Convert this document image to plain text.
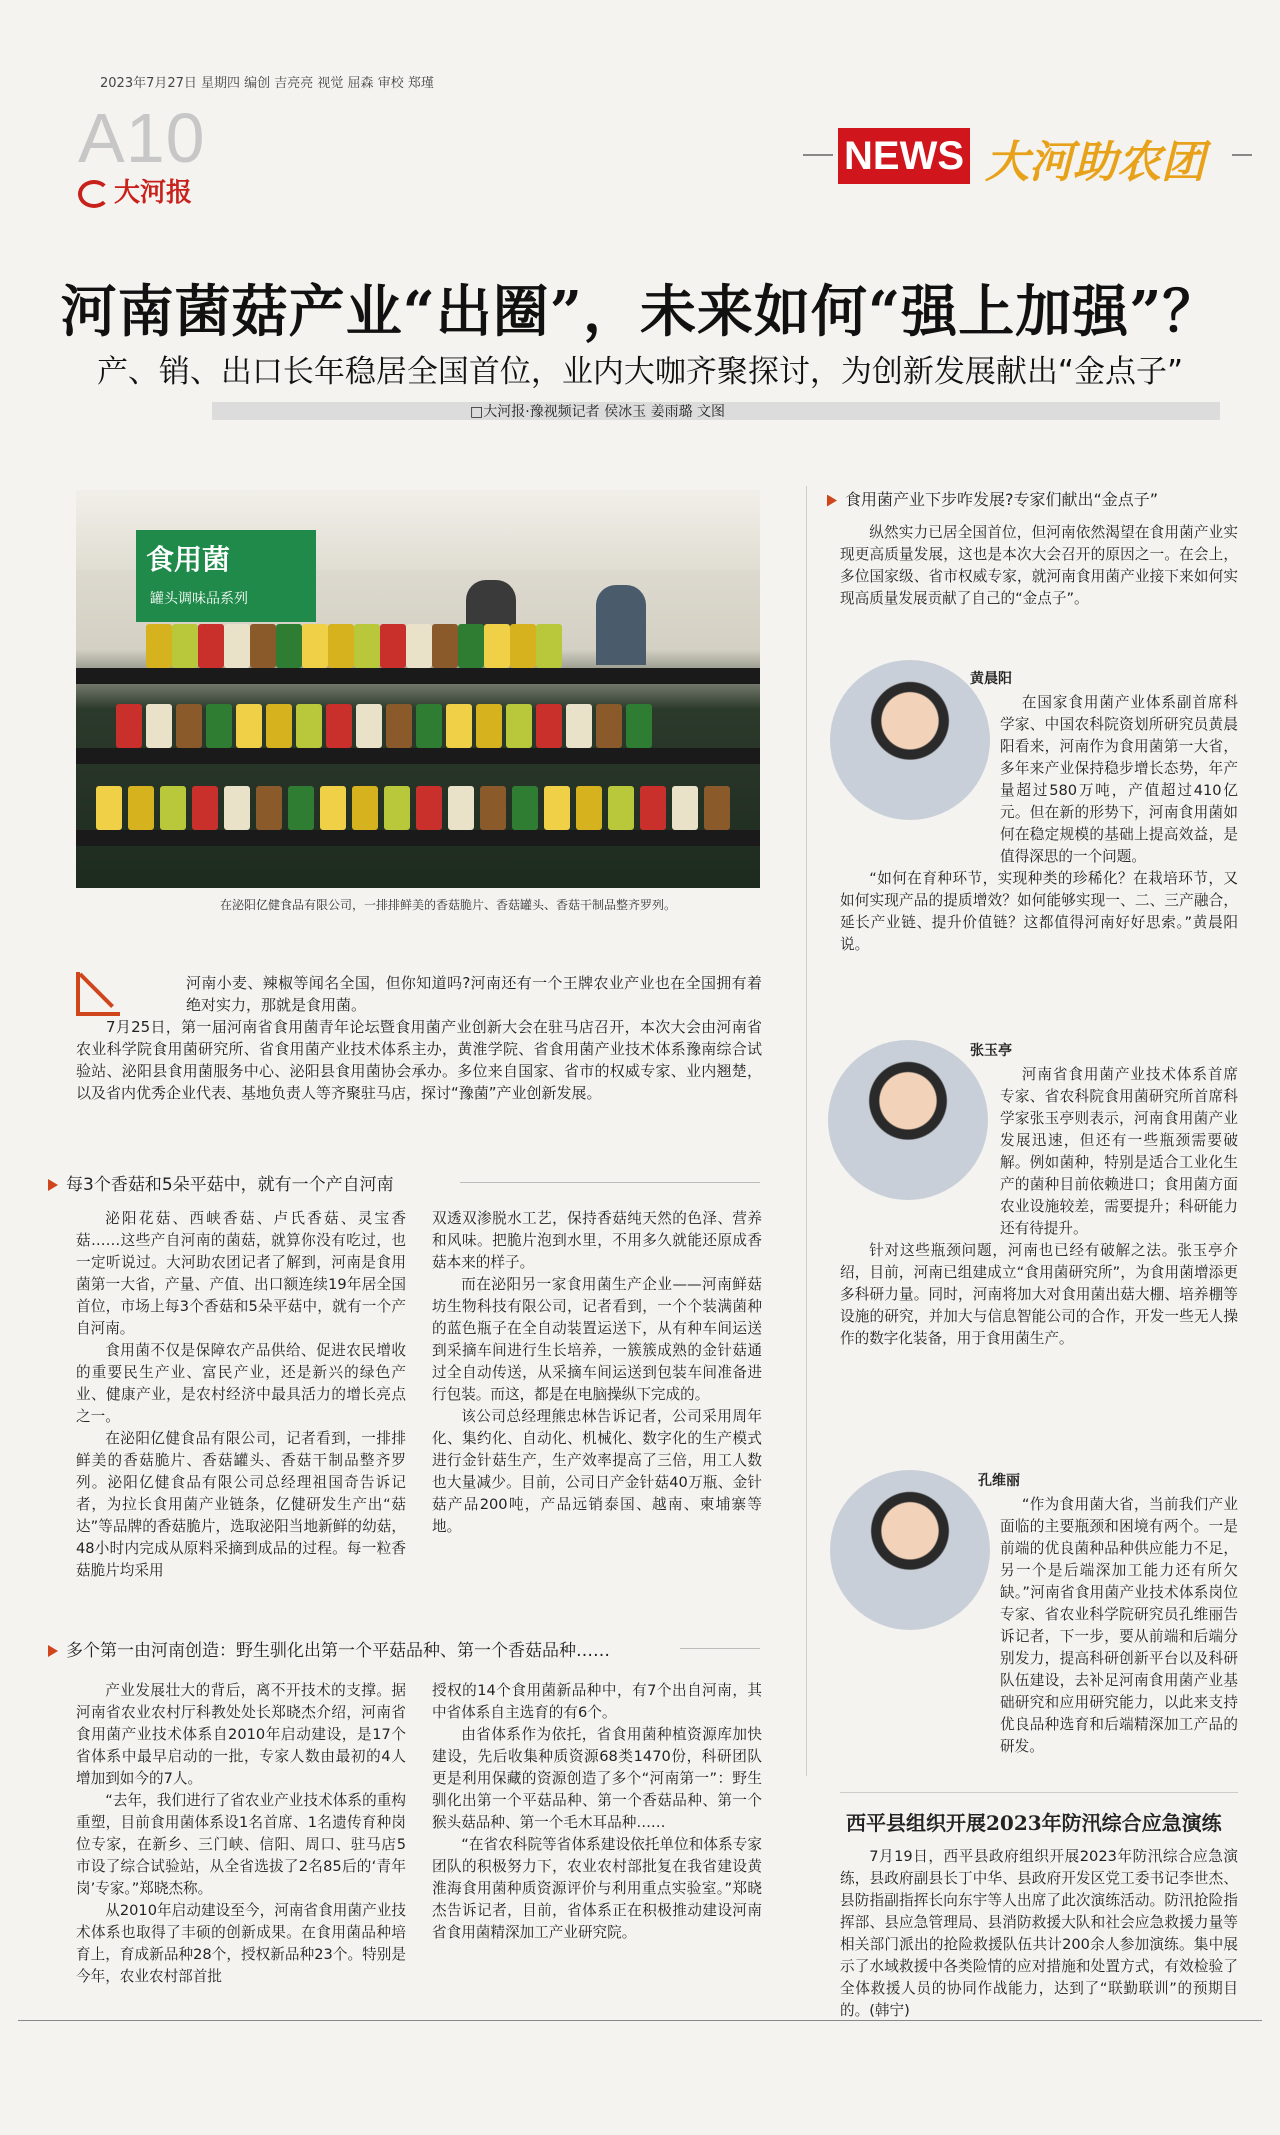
2023年7月27日 星期四 编创 吉亮亮 视觉 屈森 审校 郑瑾
A10
大河报
NEWS 大河助农团
河南菌菇产业“出圈”，未来如何“强上加强”？
产、销、出口长年稳居全国首位，业内大咖齐聚探讨，为创新发展献出“金点子”
□大河报·豫视频记者 侯冰玉 姜雨璐 文图
食用菌
罐头调味品系列
在泌阳亿健食品有限公司，一排排鲜美的香菇脆片、香菇罐头、香菇干制品整齐罗列。

河南小麦、辣椒等闻名全国，但你知道吗?河南还有一个王牌农业产业也在全国拥有着绝对实力，那就是食用菌。

7月25日，第一届河南省食用菌青年论坛暨食用菌产业创新大会在驻马店召开，本次大会由河南省农业科学院食用菌研究所、省食用菌产业技术体系主办，黄淮学院、省食用菌产业技术体系豫南综合试验站、泌阳县食用菌服务中心、泌阳县食用菌协会承办。多位来自国家、省市的权威专家、业内翘楚，以及省内优秀企业代表、基地负责人等齐聚驻马店，探讨“豫菌”产业创新发展。

每3个香菇和5朵平菇中，就有一个产自河南

泌阳花菇、西峡香菇、卢氏香菇、灵宝香菇……这些产自河南的菌菇，就算你没有吃过，也一定听说过。大河助农团记者了解到，河南是食用菌第一大省，产量、产值、出口额连续19年居全国首位，市场上每3个香菇和5朵平菇中，就有一个产自河南。

食用菌不仅是保障农产品供给、促进农民增收的重要民生产业、富民产业，还是新兴的绿色产业、健康产业，是农村经济中最具活力的增长亮点之一。

在泌阳亿健食品有限公司，记者看到，一排排鲜美的香菇脆片、香菇罐头、香菇干制品整齐罗列。泌阳亿健食品有限公司总经理祖国奇告诉记者，为拉长食用菌产业链条，亿健研发生产出“菇达”等品牌的香菇脆片，选取泌阳当地新鲜的幼菇，48小时内完成从原料采摘到成品的过程。每一粒香菇脆片均采用

双透双渗脱水工艺，保持香菇纯天然的色泽、营养和风味。把脆片泡到水里，不用多久就能还原成香菇本来的样子。

而在泌阳另一家食用菌生产企业——河南鲜菇坊生物科技有限公司，记者看到，一个个装满菌种的蓝色瓶子在全自动装置运送下，从有种车间运送到采摘车间进行生长培养，一簇簇成熟的金针菇通过全自动传送，从采摘车间运送到包装车间准备进行包装。而这，都是在电脑操纵下完成的。

该公司总经理熊忠林告诉记者，公司采用周年化、集约化、自动化、机械化、数字化的生产模式进行金针菇生产，生产效率提高了三倍，用工人数也大量减少。目前，公司日产金针菇40万瓶、金针菇产品200吨，产品远销泰国、越南、柬埔寨等地。

多个第一由河南创造：野生驯化出第一个平菇品种、第一个香菇品种……

产业发展壮大的背后，离不开技术的支撑。据河南省农业农村厅科教处处长郑晓杰介绍，河南省食用菌产业技术体系自2010年启动建设，是17个省体系中最早启动的一批，专家人数由最初的4人增加到如今的7人。

“去年，我们进行了省农业产业技术体系的重构重塑，目前食用菌体系设1名首席、1名遗传育种岗位专家，在新乡、三门峡、信阳、周口、驻马店5市设了综合试验站，从全省选拔了2名85后的‘青年岗’专家。”郑晓杰称。

从2010年启动建设至今，河南省食用菌产业技术体系也取得了丰硕的创新成果。在食用菌品种培育上，育成新品种28个，授权新品种23个。特别是今年，农业农村部首批

授权的14个食用菌新品种中，有7个出自河南，其中省体系自主选育的有6个。

由省体系作为依托，省食用菌种植资源库加快建设，先后收集种质资源68类1470份，科研团队更是利用保藏的资源创造了多个“河南第一”：野生驯化出第一个平菇品种、第一个香菇品种、第一个猴头菇品种、第一个毛木耳品种……

“在省农科院等省体系建设依托单位和体系专家团队的积极努力下，农业农村部批复在我省建设黄淮海食用菌种质资源评价与利用重点实验室。”郑晓杰告诉记者，目前，省体系正在积极推动建设河南省食用菌精深加工产业研究院。

食用菌产业下步咋发展?专家们献出“金点子”

纵然实力已居全国首位，但河南依然渴望在食用菌产业实现更高质量发展，这也是本次大会召开的原因之一。在会上，多位国家级、省市权威专家，就河南食用菌产业接下来如何实现高质量发展贡献了自己的“金点子”。

黄晨阳

在国家食用菌产业体系副首席科学家、中国农科院资划所研究员黄晨阳看来，河南作为食用菌第一大省，多年来产业保持稳步增长态势，年产量超过580万吨，产值超过410亿元。但在新的形势下，河南食用菌如何在稳定规模的基础上提高效益，是值得深思的一个问题。

“如何在育种环节，实现种类的珍稀化？在栽培环节，又如何实现产品的提质增效？如何能够实现一、二、三产融合，延长产业链、提升价值链？这都值得河南好好思索。”黄晨阳说。

张玉亭

河南省食用菌产业技术体系首席专家、省农科院食用菌研究所首席科学家张玉亭则表示，河南食用菌产业发展迅速，但还有一些瓶颈需要破解。例如菌种，特别是适合工业化生产的菌种目前依赖进口；食用菌方面农业设施较差，需要提升；科研能力还有待提升。

针对这些瓶颈问题，河南也已经有破解之法。张玉亭介绍，目前，河南已组建成立“食用菌研究所”，为食用菌增添更多科研力量。同时，河南将加大对食用菌出菇大棚、培养棚等设施的研究，并加大与信息智能公司的合作，开发一些无人操作的数字化装备，用于食用菌生产。

孔维丽

“作为食用菌大省，当前我们产业面临的主要瓶颈和困境有两个。一是前端的优良菌种品种供应能力不足，另一个是后端深加工能力还有所欠缺。”河南省食用菌产业技术体系岗位专家、省农业科学院研究员孔维丽告诉记者，下一步，要从前端和后端分别发力，提高科研创新平台以及科研队伍建设，去补足河南食用菌产业基础研究和应用研究能力，以此来支持优良品种选育和后端精深加工产品的研发。

西平县组织开展2023年防汛综合应急演练

7月19日，西平县政府组织开展2023年防汛综合应急演练，县政府副县长丁中华、县政府开发区党工委书记李世杰、县防指副指挥长向东宇等人出席了此次演练活动。防汛抢险指挥部、县应急管理局、县消防救援大队和社会应急救援力量等相关部门派出的抢险救援队伍共计200余人参加演练。集中展示了水域救援中各类险情的应对措施和处置方式，有效检验了全体救援人员的协同作战能力，达到了“联勤联训”的预期目的。(韩宁)
